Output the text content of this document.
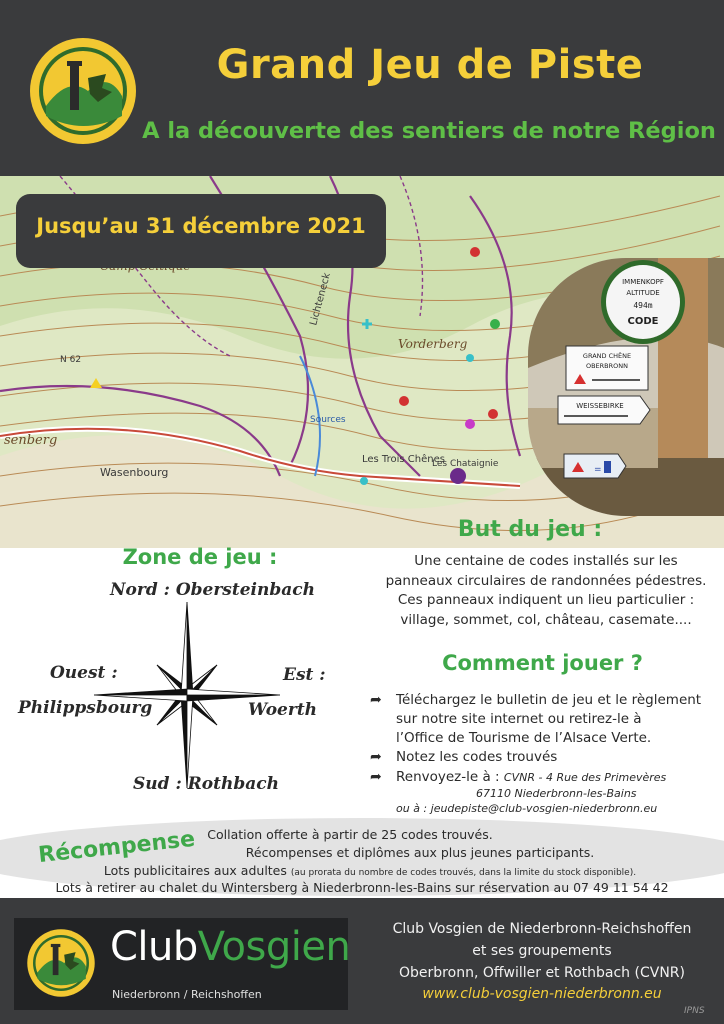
Grand Jeu de Piste
A la découverte des sentiers de notre Région
Lichteneck
Vorderberg
Wasenbourg
senberg
Sources
Les Trois Chênes
Les Chataignie
N 62
Jusqu’au 31 décembre 2021
IMMENKOPF
ALTITUDE
494m
CODE
GRAND CHÊNE
OBERBRONN
WEISSEBIRKE
=
Zone de jeu :
Nord : Obersteinbach
Ouest :
Philippsbourg
Est :
Woerth
Sud : Rothbach
But du jeu :
Une centaine de codes installés sur les
panneaux circulaires de randonnées pédestres.
Ces panneaux indiquent un lieu particulier :
village, sommet, col, château, casemate....
Comment jouer ?
➦ Téléchargez le bulletin de jeu et le règlement
sur notre site internet ou retirez-le à
l’Office de Tourisme de l’Alsace Verte.
➦ Notez les codes trouvés
➦ Renvoyez-le à : CVNR - 4 Rue des Primevères
67110 Niederbronn-les-Bains
ou à : jeudepiste@club-vosgien-niederbronn.eu
Récompense Collation offerte à partir de 25 codes trouvés.
Récompenses et diplômes aux plus jeunes participants.
Lots publicitaires aux adultes (au prorata du nombre de codes trouvés, dans la limite du stock disponible).
Lots à retirer au chalet du Wintersberg à Niederbronn-les-Bains sur réservation au 07 49 11 54 42
ClubVosgien
Niederbronn / Reichshoffen
Club Vosgien de Niederbronn-Reichshoffen
et ses groupements
Oberbronn, Offwiller et Rothbach (CVNR)
www.club-vosgien-niederbronn.eu
IPNS
